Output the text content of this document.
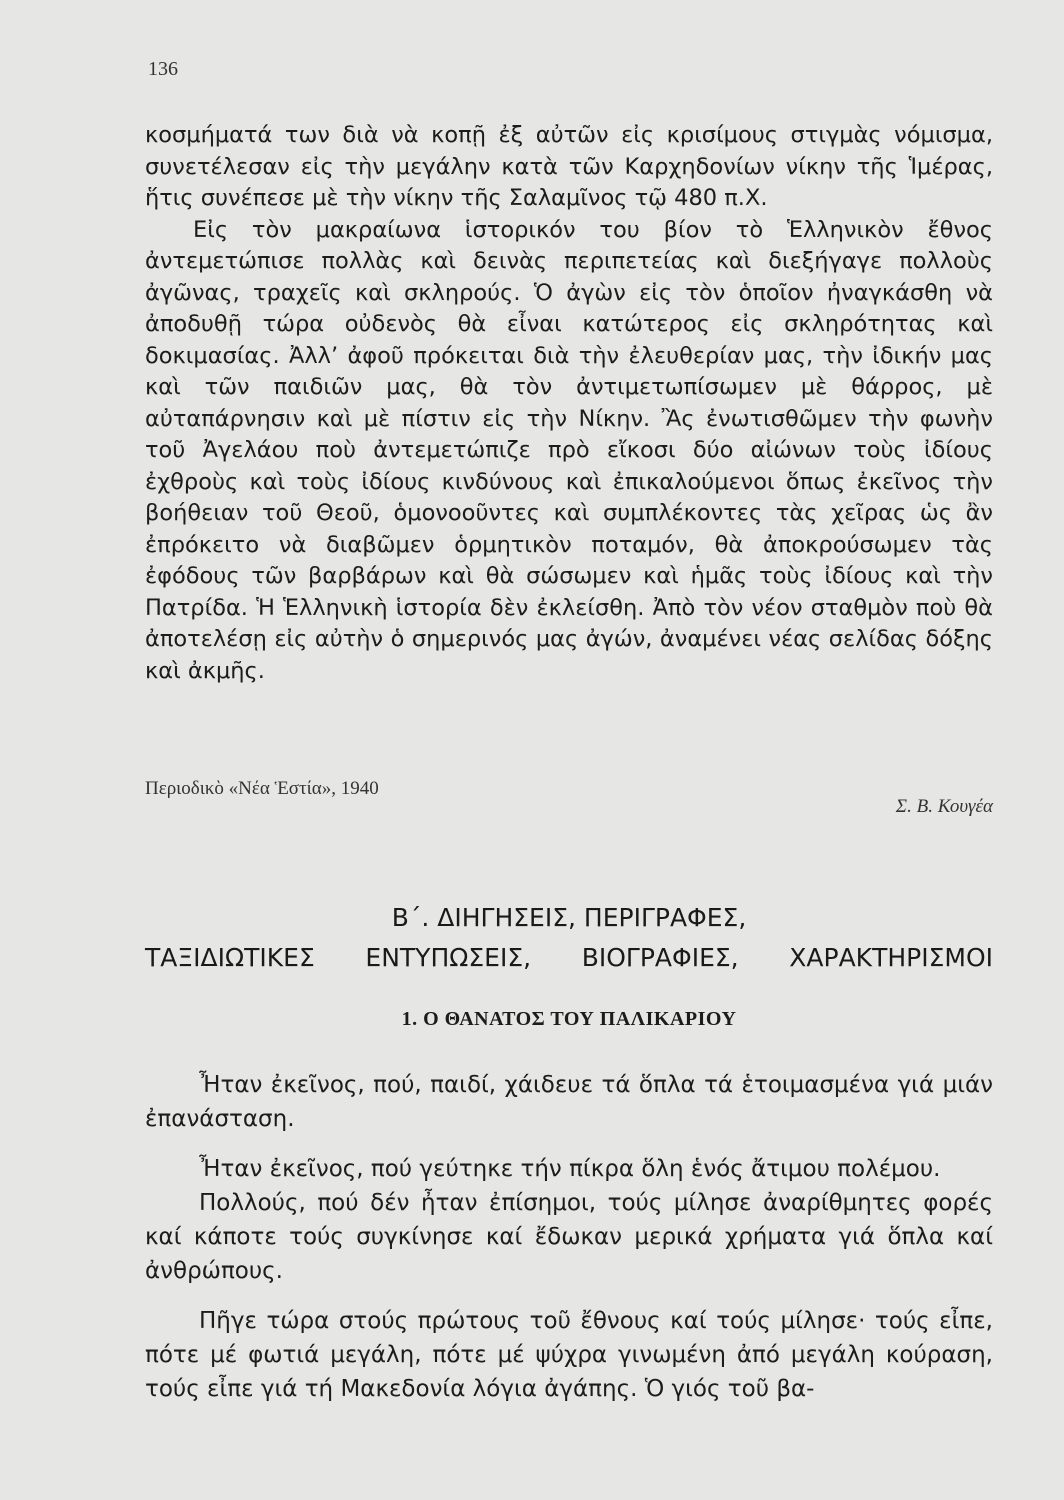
136

κοσμήματά των διὰ νὰ κοπῇ ἐξ αὐτῶν εἰς κρισίμους στιγμὰς νόμισμα, συνετέλεσαν εἰς τὴν μεγάλην κατὰ τῶν Καρχηδονίων νίκην τῆς Ἱμέρας, ἥτις συνέπεσε μὲ τὴν νίκην τῆς Σαλαμῖνος τῷ 480 π.Χ.

Εἰς τὸν μακραίωνα ἱστορικόν του βίον τὸ Ἑλληνικὸν ἔθνος ἀντεμετώπισε πολλὰς καὶ δεινὰς περιπετείας καὶ διεξήγαγε πολλοὺς ἀγῶνας, τραχεῖς καὶ σκληρούς. Ὁ ἀγὼν εἰς τὸν ὁποῖον ἠναγκάσθη νὰ ἀποδυθῇ τώρα οὐδενὸς θὰ εἶναι κατώτερος εἰς σκληρότητας καὶ δοκιμασίας. Ἀλλ’ ἀφοῦ πρόκειται διὰ τὴν ἐλευθερίαν μας, τὴν ἰδικήν μας καὶ τῶν παιδιῶν μας, θὰ τὸν ἀντιμετωπίσωμεν μὲ θάρρος, μὲ αὐταπάρνησιν καὶ μὲ πίστιν εἰς τὴν Νίκην. Ἂς ἐνωτισθῶμεν τὴν φωνὴν τοῦ Ἀγελάου ποὺ ἀντεμετώπιζε πρὸ εἴκοσι δύο αἰώνων τοὺς ἰδίους ἐχθροὺς καὶ τοὺς ἰδίους κινδύνους καὶ ἐπικαλούμενοι ὅπως ἐκεῖνος τὴν βοήθειαν τοῦ Θεοῦ, ὁμονοοῦντες καὶ συμπλέκοντες τὰς χεῖρας ὡς ἂν ἐπρόκειτο νὰ διαβῶμεν ὁρμητικὸν ποταμόν, θὰ ἀποκρούσωμεν τὰς ἐφόδους τῶν βαρβάρων καὶ θὰ σώσωμεν καὶ ἡμᾶς τοὺς ἰδίους καὶ τὴν Πατρίδα. Ἡ Ἑλληνικὴ ἱστορία δὲν ἐκλείσθη. Ἀπὸ τὸν νέον σταθμὸν ποὺ θὰ ἀποτελέσῃ εἰς αὐτὴν ὁ σημερινός μας ἀγών, ἀναμένει νέας σελίδας δόξης καὶ ἀκμῆς.

Περιοδικὸ «Νέα Ἑστία», 1940
Σ. Β. Κουγέα
Β΄. ΔΙΗΓΗΣΕΙΣ, ΠΕΡΙΓΡΑΦΕΣ,
ΤΑΞΙΔΙΩΤΙΚΕΣ ΕΝΤΥΠΩΣΕΙΣ, ΒΙΟΓΡΑΦΙΕΣ, ΧΑΡΑΚΤΗΡΙΣΜΟΙ
1. Ο ΘΑΝΑΤΟΣ ΤΟΥ ΠΑΛΙΚΑΡΙΟΥ

Ἦταν ἐκεῖνος, πού, παιδί, χάιδευε τά ὅπλα τά ἑτοιμασμένα γιά μιάν ἐπανάσταση.

Ἦταν ἐκεῖνος, πού γεύτηκε τήν πίκρα ὅλη ἑνός ἄτιμου πολέμου.

Πολλούς, πού δέν ἦταν ἐπίσημοι, τούς μίλησε ἀναρίθμητες φορές καί κάποτε τούς συγκίνησε καί ἔδωκαν μερικά χρήματα γιά ὅπλα καί ἀνθρώπους.

Πῆγε τώρα στούς πρώτους τοῦ ἔθνους καί τούς μίλησε· τούς εἶπε, πότε μέ φωτιά μεγάλη, πότε μέ ψύχρα γινωμένη ἀπό μεγάλη κούραση, τούς εἶπε γιά τή Μακεδονία λόγια ἀγάπης. Ὁ γιός τοῦ βα-
